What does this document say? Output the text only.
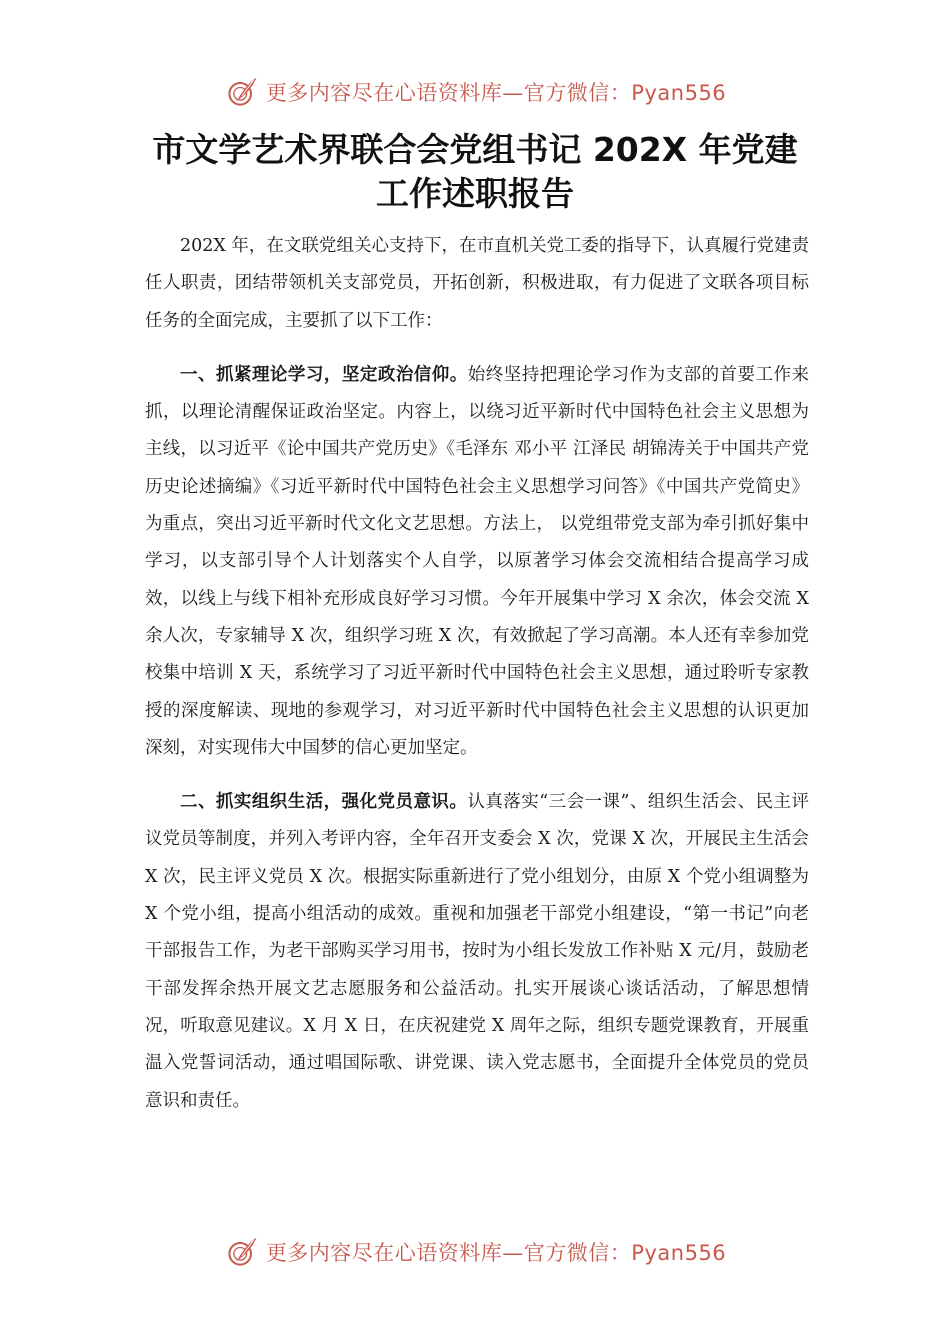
更多内容尽在心语资料库—官方微信：Pyan556
市文学艺术界联合会党组书记 202X 年党建
工作述职报告

202X 年，在文联党组关心支持下，在市直机关党工委的指导下，认真履行党建责任人职责，团结带领机关支部党员，开拓创新，积极进取，有力促进了文联各项目标任务的全面完成，主要抓了以下工作：

一、抓紧理论学习，坚定政治信仰。始终坚持把理论学习作为支部的首要工作来抓，以理论清醒保证政治坚定。内容上，以绕习近平新时代中国特色社会主义思想为主线，以习近平《论中国共产党历史》《毛泽东 邓小平 江泽民 胡锦涛关于中国共产党历史论述摘编》《习近平新时代中国特色社会主义思想学习问答》《中国共产党简史》为重点，突出习近平新时代文化文艺思想。方法上， 以党组带党支部为牵引抓好集中学习，以支部引导个人计划落实个人自学，以原著学习体会交流相结合提高学习成效，以线上与线下相补充形成良好学习习惯。今年开展集中学习 X 余次，体会交流 X 余人次，专家辅导 X 次，组织学习班 X 次，有效掀起了学习高潮。本人还有幸参加党校集中培训 X 天，系统学习了习近平新时代中国特色社会主义思想，通过聆听专家教授的深度解读、现地的参观学习，对习近平新时代中国特色社会主义思想的认识更加深刻，对实现伟大中国梦的信心更加坚定。

二、抓实组织生活，强化党员意识。认真落实“三会一课”、组织生活会、民主评议党员等制度，并列入考评内容，全年召开支委会 X 次，党课 X 次，开展民主生活会 X 次，民主评义党员 X 次。根据实际重新进行了党小组划分，由原 X 个党小组调整为 X 个党小组，提高小组活动的成效。重视和加强老干部党小组建设，“第一书记”向老干部报告工作，为老干部购买学习用书，按时为小组长发放工作补贴 X 元/月，鼓励老干部发挥余热开展文艺志愿服务和公益活动。扎实开展谈心谈话活动，了解思想情况，听取意见建议。X 月 X 日，在庆祝建党 X 周年之际，组织专题党课教育，开展重温入党誓词活动，通过唱国际歌、讲党课、读入党志愿书，全面提升全体党员的党员意识和责任。

更多内容尽在心语资料库—官方微信：Pyan556
